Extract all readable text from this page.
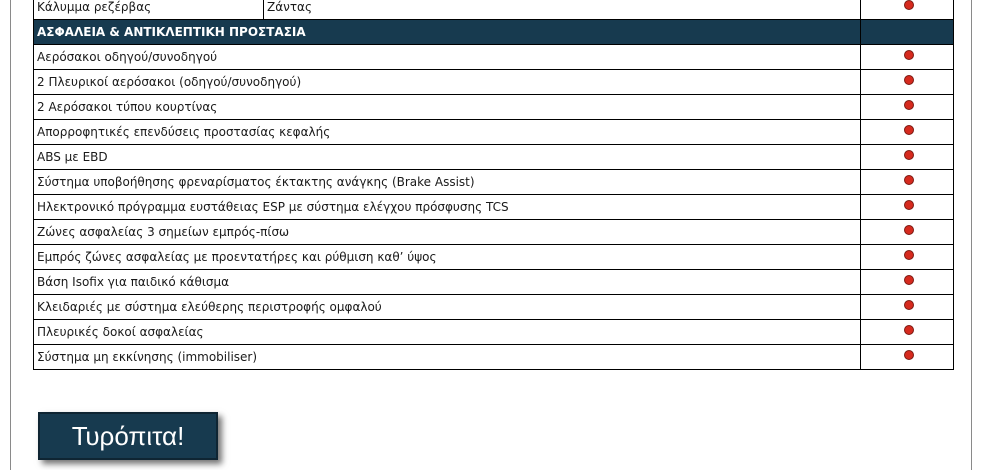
Κάλυμμα ρεζέρβας	Ζάντας	
ΑΣΦΑΛΕΙΑ & ΑΝΤΙΚΛΕΠΤΙΚΗ ΠΡΟΣΤΑΣΙΑ		
Αερόσακοι οδηγού/συνοδηγού		
2 Πλευρικοί αερόσακοι (οδηγού/συνοδηγού)		
2 Αερόσακοι τύπου κουρτίνας		
Απορροφητικές επενδύσεις προστασίας κεφαλής		
ABS με EBD		
Σύστημα υποβοήθησης φρεναρίσματος έκτακτης ανάγκης (Brake Assist)		
Ηλεκτρονικό πρόγραμμα ευστάθειας ESP με σύστημα ελέγχου πρόσφυσης TCS		
Ζώνες ασφαλείας 3 σημείων εμπρός-πίσω		
Εμπρός ζώνες ασφαλείας με προεντατήρες και ρύθμιση καθ’ ύψος		
Βάση Isofix για παιδικό κάθισμα		
Κλειδαριές με σύστημα ελεύθερης περιστροφής ομφαλού		
Πλευρικές δοκοί ασφαλείας		
Σύστημα μη εκκίνησης (immobiliser)		
Τυρόπιτα!
